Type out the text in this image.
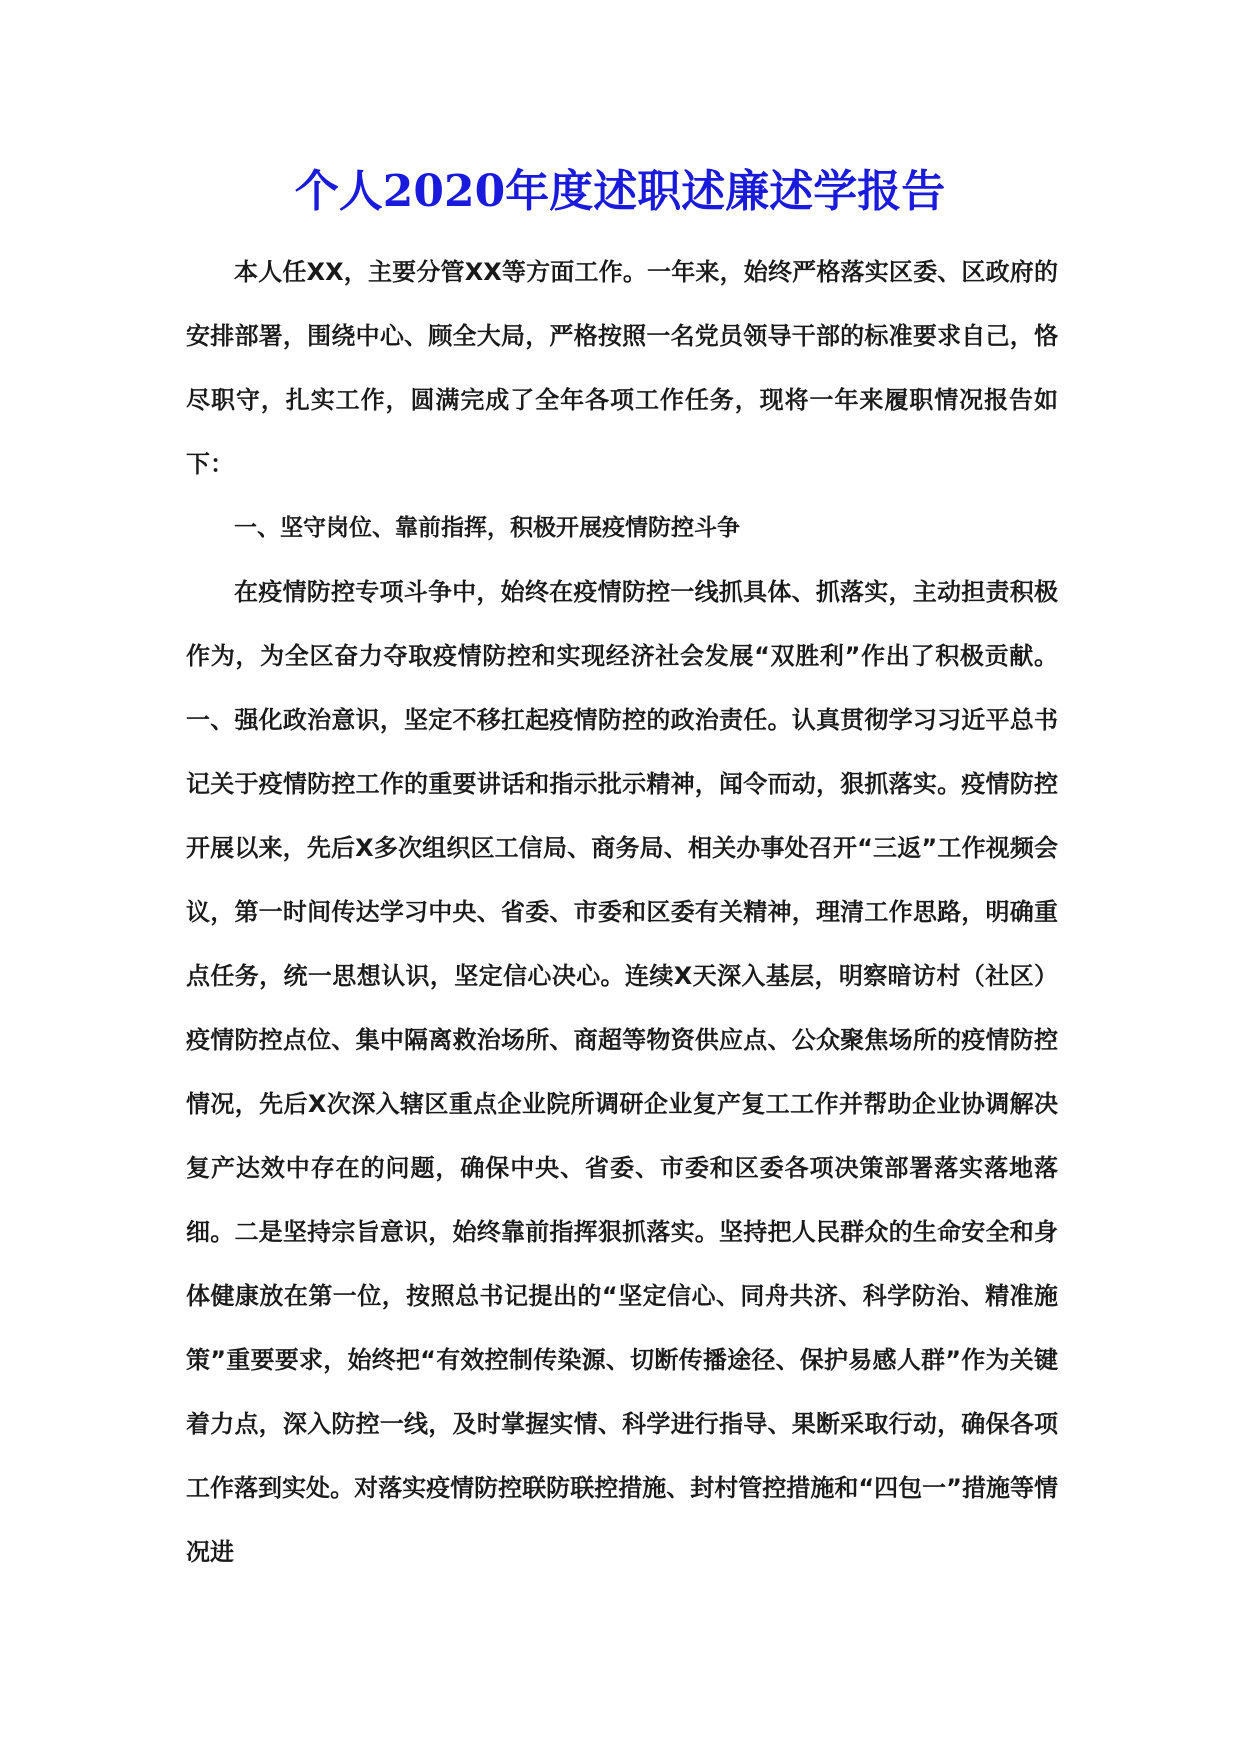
个人2020年度述职述廉述学报告

本人任XX，主要分管XX等方面工作。一年来，始终严格落实区委、区政府的安排部署，围绕中心、顾全大局，严格按照一名党员领导干部的标准要求自己，恪尽职守，扎实工作，圆满完成了全年各项工作任务，现将一年来履职情况报告如下：

一、坚守岗位、靠前指挥，积极开展疫情防控斗争

在疫情防控专项斗争中，始终在疫情防控一线抓具体、抓落实，主动担责积极作为，为全区奋力夺取疫情防控和实现经济社会发展“双胜利”作出了积极贡献。一、强化政治意识，坚定不移扛起疫情防控的政治责任。认真贯彻学习习近平总书记关于疫情防控工作的重要讲话和指示批示精神，闻令而动，狠抓落实。疫情防控开展以来，先后X多次组织区工信局、商务局、相关办事处召开“三返”工作视频会议，第一时间传达学习中央、省委、市委和区委有关精神，理清工作思路，明确重点任务，统一思想认识，坚定信心决心。连续X天深入基层，明察暗访村（社区）疫情防控点位、集中隔离救治场所、商超等物资供应点、公众聚焦场所的疫情防控情况，先后X次深入辖区重点企业院所调研企业复产复工工作并帮助企业协调解决复产达效中存在的问题，确保中央、省委、市委和区委各项决策部署落实落地落细。二是坚持宗旨意识，始终靠前指挥狠抓落实。坚持把人民群众的生命安全和身体健康放在第一位，按照总书记提出的“坚定信心、同舟共济、科学防治、精准施策”重要要求，始终把“有效控制传染源、切断传播途径、保护易感人群”作为关键着力点，深入防控一线，及时掌握实情、科学进行指导、果断采取行动，确保各项工作落到实处。对落实疫情防控联防联控措施、封村管控措施和“四包一”措施等情况进
